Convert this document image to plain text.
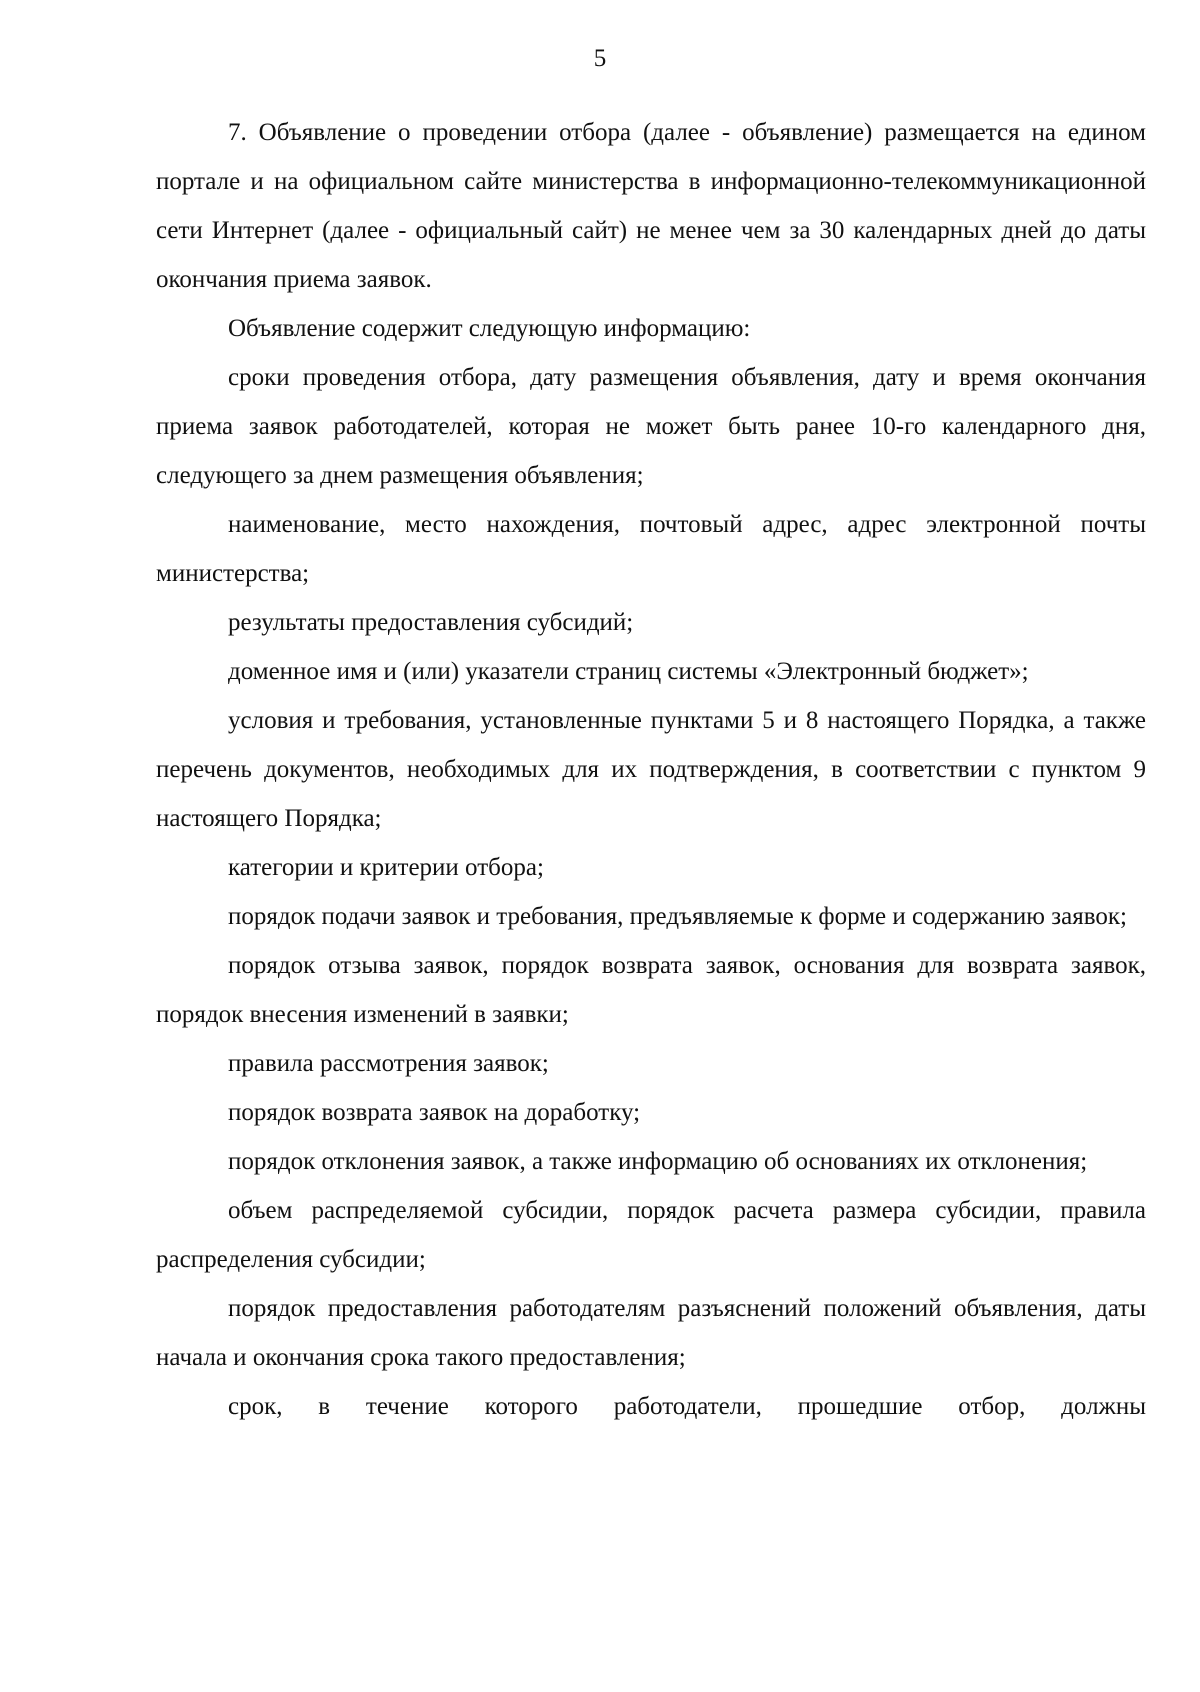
5

7. Объявление о проведении отбора (далее - объявление) размещается на едином портале и на официальном сайте министерства в информационно-телекоммуникационной сети Интернет (далее - официальный сайт) не менее чем за 30 календарных дней до даты окончания приема заявок.

Объявление содержит следующую информацию:

сроки проведения отбора, дату размещения объявления, дату и время окончания приема заявок работодателей, которая не может быть ранее 10-го календарного дня, следующего за днем размещения объявления;

наименование, место нахождения, почтовый адрес, адрес электронной почты министерства;

результаты предоставления субсидий;

доменное имя и (или) указатели страниц системы «Электронный бюджет»;

условия и требования, установленные пунктами 5 и 8 настоящего Порядка, а также перечень документов, необходимых для их подтверждения, в соответствии с пунктом 9 настоящего Порядка;

категории и критерии отбора;

порядок подачи заявок и требования, предъявляемые к форме и содержанию заявок;

порядок отзыва заявок, порядок возврата заявок, основания для возврата заявок, порядок внесения изменений в заявки;

правила рассмотрения заявок;

порядок возврата заявок на доработку;

порядок отклонения заявок, а также информацию об основаниях их отклонения;

объем распределяемой субсидии, порядок расчета размера субсидии, правила распределения субсидии;

порядок предоставления работодателям разъяснений положений объявления, даты начала и окончания срока такого предоставления;

срок, в течение которого работодатели, прошедшие отбор, должны
